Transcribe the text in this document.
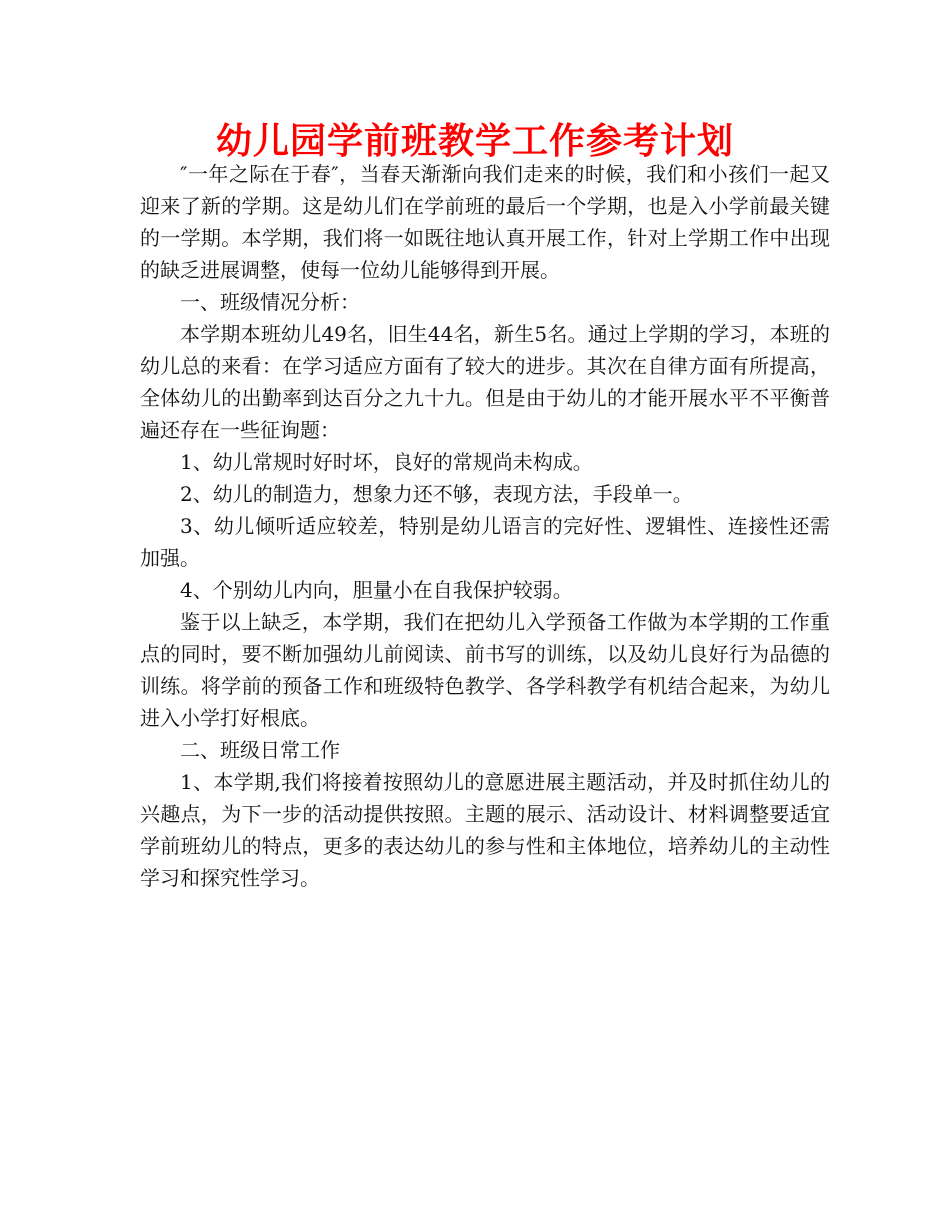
幼儿园学前班教学工作参考计划

″一年之际在于春″，当春天渐渐向我们走来的时候，我们和小孩们一起又迎来了新的学期。这是幼儿们在学前班的最后一个学期，也是入小学前最关键的一学期。本学期，我们将一如既往地认真开展工作，针对上学期工作中出现的缺乏进展调整，使每一位幼儿能够得到开展。

一、班级情况分析：

本学期本班幼儿49名，旧生44名，新生5名。通过上学期的学习，本班的幼儿总的来看：在学习适应方面有了较大的进步。其次在自律方面有所提高，全体幼儿的出勤率到达百分之九十九。但是由于幼儿的才能开展水平不平衡普遍还存在一些征询题：

1、幼儿常规时好时坏，良好的常规尚未构成。

2、幼儿的制造力，想象力还不够，表现方法，手段单一。

3、幼儿倾听适应较差，特别是幼儿语言的完好性、逻辑性、连接性还需加强。

4、个别幼儿内向，胆量小在自我保护较弱。

鉴于以上缺乏，本学期，我们在把幼儿入学预备工作做为本学期的工作重点的同时，要不断加强幼儿前阅读、前书写的训练，以及幼儿良好行为品德的训练。将学前的预备工作和班级特色教学、各学科教学有机结合起来，为幼儿进入小学打好根底。

二、班级日常工作

1、本学期,我们将接着按照幼儿的意愿进展主题活动，并及时抓住幼儿的兴趣点，为下一步的活动提供按照。主题的展示、活动设计、材料调整要适宜学前班幼儿的特点，更多的表达幼儿的参与性和主体地位，培养幼儿的主动性学习和探究性学习。
